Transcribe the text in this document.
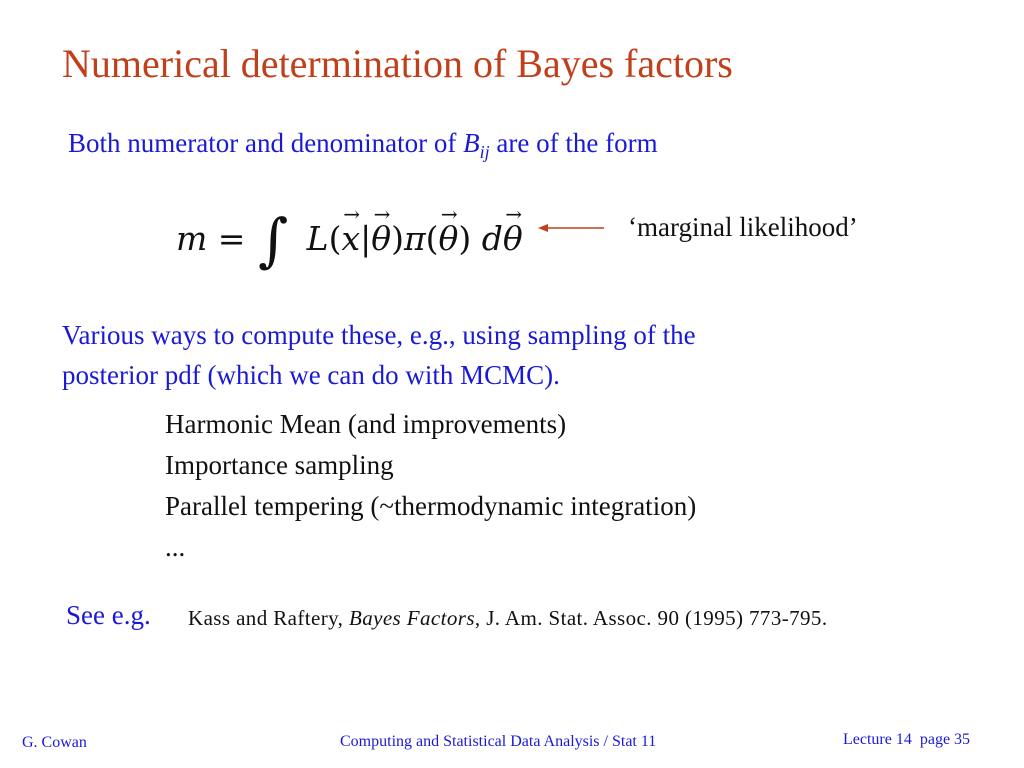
Numerical determination of Bayes factors
Both numerator and denominator of $B_{ij}$ are of the form
m = ∫ L(→ x|→ θ)π(→ θ) d→ θ	‘marginal likelihood’
Various ways to compute these, e.g., using sampling of the
posterior pdf (which we can do with MCMC).
Harmonic Mean (and improvements)
Importance sampling
Parallel tempering (~thermodynamic integration)
...
See e.g. Kass and Raftery, Bayes Factors, J. Am. Stat. Assoc. 90 (1995) 773-795.
G. Cowan	Computing and Statistical Data Analysis / Stat 11	Lecture 14  page 35
